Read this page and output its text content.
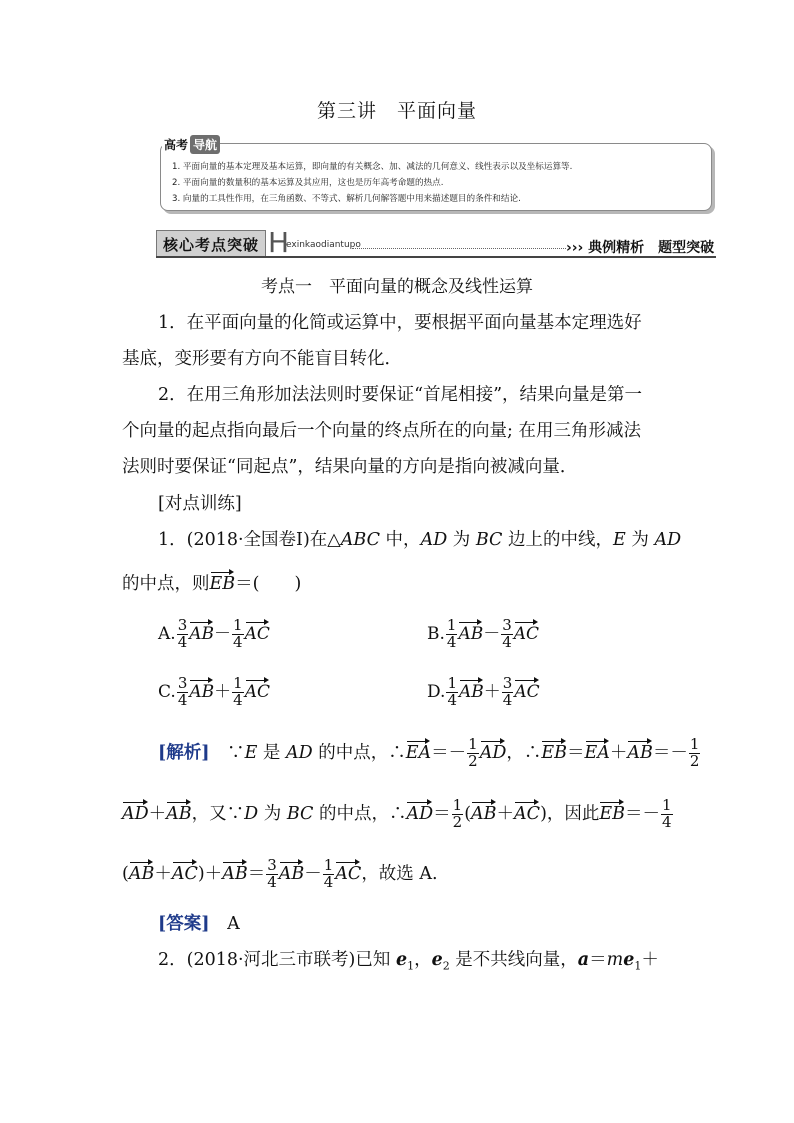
第三讲　平面向量
高考 导航
1. 平面向量的基本定理及基本运算，即向量的有关概念、加、减法的几何意义、线性表示以及坐标运算等.
2. 平面向量的数量积的基本运算及其应用，这也是历年高考命题的热点.
3. 向量的工具性作用，在三角函数、不等式、解析几何解答题中用来描述题目的条件和结论.
核心考点突破 H
exinkaodiantupo	››› 典例精析　题型突破
考点一　平面向量的概念及线性运算
1．在平面向量的化简或运算中，要根据平面向量基本定理选好
基底，变形要有方向不能盲目转化．
2．在用三角形加法法则时要保证“首尾相接”，结果向量是第一
个向量的起点指向最后一个向量的终点所在的向量; 在用三角形减法
法则时要保证“同起点”，结果向量的方向是指向被减向量．
[对点训练]
1．(2018·全国卷Ⅰ)在△ABC 中，AD 为 BC 边上的中线，E 为 AD
的中点，则EB＝(　　)
A. $\frac{3}{4} AB- \frac{1}{4}$ AC	B. $\frac{1}{4} AB- \frac{3}{4}$ AC
C. $\frac{3}{4} AB+ \frac{1}{4}$ AC	D. $\frac{1}{4} AB+ \frac{3}{4}$ AC
[解析]　∵E 是 AD 的中点，∴EA＝－ $\frac{1}{2}$ AD，∴EB＝EA＋AB＝－ $\frac{1}{2}$
AD＋AB，又∵D 为 BC 的中点，∴AD＝ $\frac{1}{2} (AB+AC)$，因此$EB=- \frac{1}{4}$
$(AB+AC)+AB= \frac{3}{4} AB- \frac{1}{4}$ AC，故选 A.
[答案]　 A
2．(2018·河北三市联考)已知 $e_1$，$e_2$ 是不共线向量，$a=me_1+$
